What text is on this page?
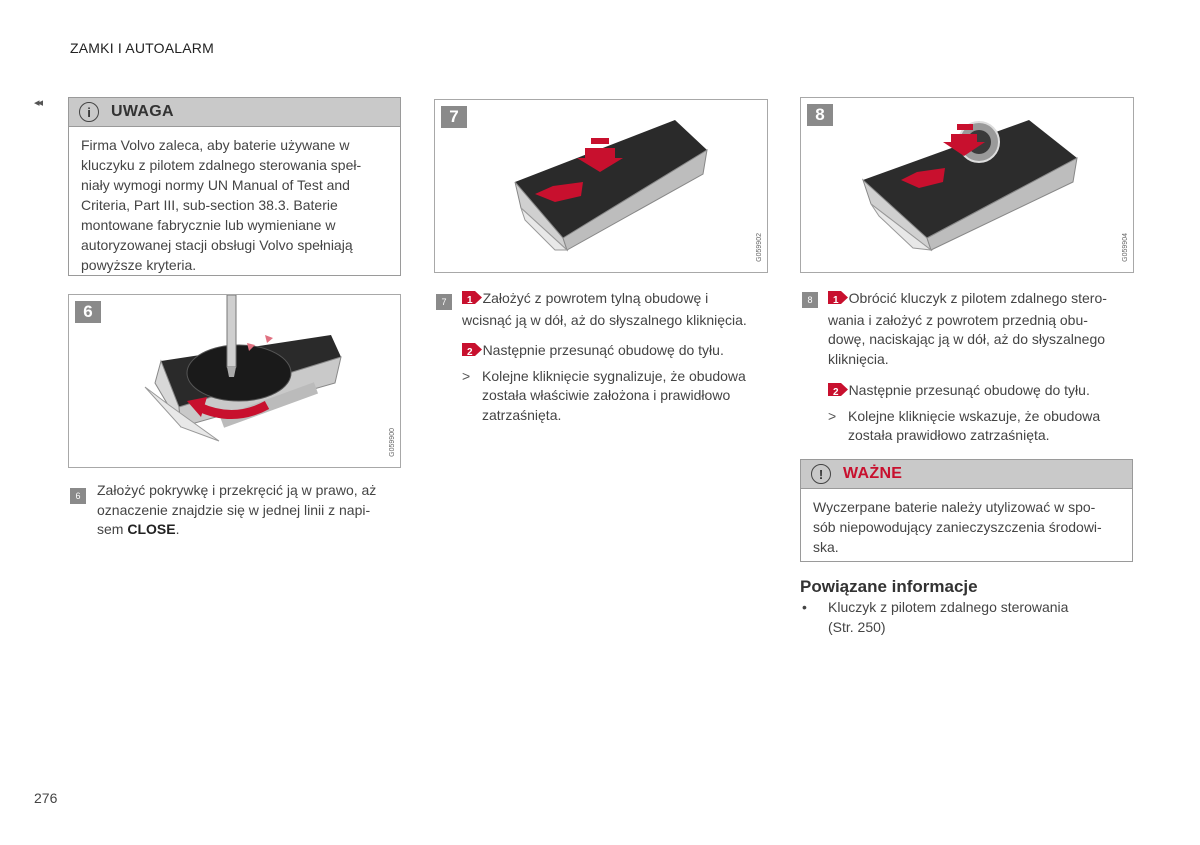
ZAMKI I AUTOALARM
◂◂
i	UWAGA
Firma Volvo zaleca, aby baterie używane w
kluczyku z pilotem zdalnego sterowania speł-
niały wymogi normy UN Manual of Test and
Criteria, Part III, sub-section 38.3. Baterie
montowane fabrycznie lub wymieniane w
autoryzowanej stacji obsługi Volvo spełniają
powyższe kryteria.
6
G059900
6	Założyć pokrywkę i przekręcić ją w prawo, aż
oznaczenie znajdzie się w jednej linii z napi-
sem CLOSE.
7
G059902
7	1 Założyć z powrotem tylną obudowę i
wcisnąć ją w dół, aż do słyszalnego kliknięcia.
2 Następnie przesunąć obudowę do tyłu.
> Kolejne kliknięcie sygnalizuje, że obudowa
została właściwie założona i prawidłowo
zatrzaśnięta.
8
G059904
8	1 Obrócić kluczyk z pilotem zdalnego stero-
wania i założyć z powrotem przednią obu-
dowę, naciskając ją w dół, aż do słyszalnego
kliknięcia.
2 Następnie przesunąć obudowę do tyłu.
> Kolejne kliknięcie wskazuje, że obudowa
została prawidłowo zatrzaśnięta.
!	WAŻNE
Wyczerpane baterie należy utylizować w spo-
sób niepowodujący zanieczyszczenia środowi-
ska.
Powiązane informacje
• Kluczyk z pilotem zdalnego sterowania
(Str. 250)
276
